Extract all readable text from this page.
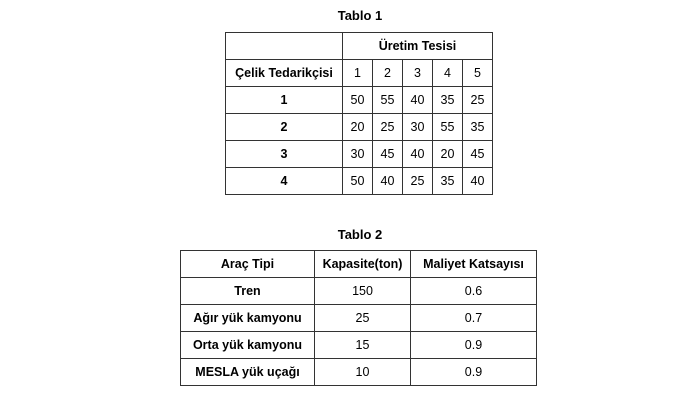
Tablo 1
	Üretim Tesisi				
Çelik Tedarikçisi	1	2	3	4	5
1	50	55	40	35	25
2	20	25	30	55	35
3	30	45	40	20	45
4	50	40	25	35	40
Tablo 2
Araç Tipi	Kapasite(ton)	Maliyet Katsayısı
Tren	150	0.6
Ağır yük kamyonu	25	0.7
Orta yük kamyonu	15	0.9
MESLA yük uçağı	10	0.9
